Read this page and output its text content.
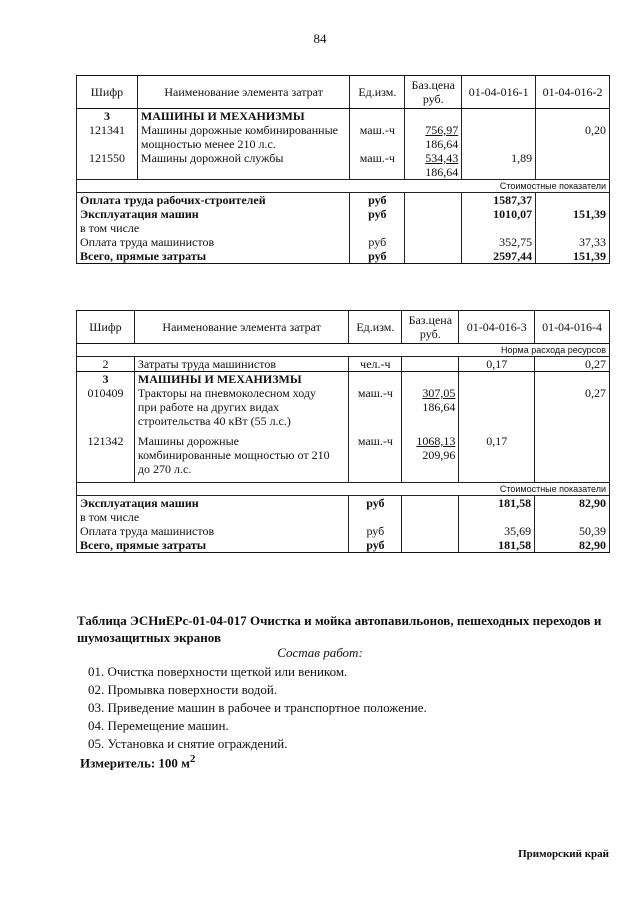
84
Шифр	Наименование элемента затрат	Ед.изм.	Баз.цена
руб.	01-04-016-1	01-04-016-2
3	МАШИНЫ И МЕХАНИЗМЫ				
121341	Машины дорожные комбинированные
мощностью менее 210 л.с.	маш.-ч	756,97
186,64		0,20
121550	Машины дорожной службы	маш.-ч	534,43
186,64	1,89	
Стоимостные показатели					
Оплата труда рабочих-строителей		руб		1587,37	
Эксплуатация машин		руб		1010,07	151,39
в том числе					
Оплата труда машинистов		руб		352,75	37,33
Всего, прямые затраты		руб		2597,44	151,39
Шифр	Наименование элемента затрат	Ед.изм.	Баз.цена
руб.	01-04-016-3	01-04-016-4
Норма расхода ресурсов					
2	Затраты труда машинистов	чел.-ч		0,17	0,27
3	МАШИНЫ И МЕХАНИЗМЫ				
010409	Тракторы на пневмоколесном ходу
при работе на других видах
строительства 40 кВт (55 л.с.)	маш.-ч	307,05
186,64		0,27

121342	Машины дорожные
комбинированные мощностью от 210
до 270 л.с.	маш.-ч	1068,13
209,96	0,17	

Стоимостные показатели					
Эксплуатация машин		руб		181,58	82,90
в том числе					
Оплата труда машинистов		руб		35,69	50,39
Всего, прямые затраты		руб		181,58	82,90
Таблица ЭСНиЕРс-01-04-017 Очистка и мойка автопавильонов, пешеходных переходов и шумозащитных экранов
Состав работ:
01. Очистка поверхности щеткой или веником.
02. Промывка поверхности водой.
03. Приведение машин в рабочее и транспортное положение.
04. Перемещение машин.
05. Установка и снятие ограждений.
Измеритель: 100 $м^2$
Приморский край
